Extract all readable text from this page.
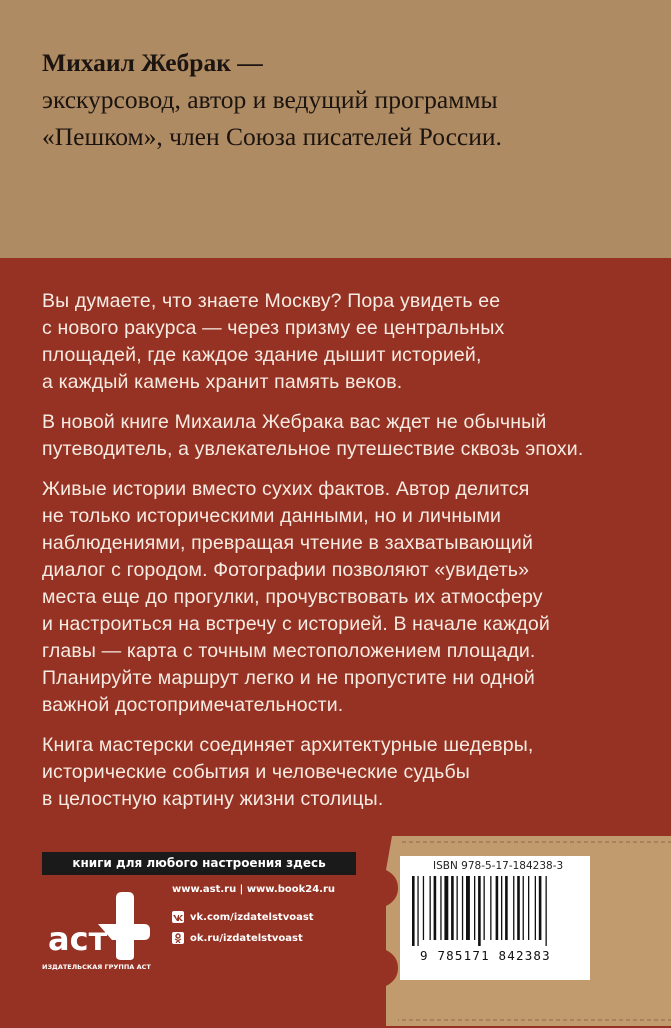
Михаил Жебрак —
экскурсовод, автор и ведущий программы
«Пешком», член Союза писателей России.

Вы думаете, что знаете Москву? Пора увидеть ее
с нового ракурса — через призму ее центральных
площадей, где каждое здание дышит историей,
а каждый камень хранит память веков.

В новой книге Михаила Жебрака вас ждет не обычный
путеводитель, а увлекательное путешествие сквозь эпохи.

Живые истории вместо сухих фактов. Автор делится
не только историческими данными, но и личными
наблюдениями, превращая чтение в захватывающий
диалог с городом. Фотографии позволяют «увидеть»
места еще до прогулки, прочувствовать их атмосферу
и настроиться на встречу с историей. В начале каждой
главы — карта с точным местоположением площади.
Планируйте маршрут легко и не пропустите ни одной
важной достопримечательности.

Книга мастерски соединяет архитектурные шедевры,
исторические события и человеческие судьбы
в целостную картину жизни столицы.

книги для любого настроения здесь
аст
ИЗДАТЕЛЬСКАЯ ГРУППА АСТ
www.ast.ru | www.book24.ru
vk.com/izdatelstvoast
ok.ru/izdatelstvoast
ISBN 978-5-17-184238-3
9 785171 842383
